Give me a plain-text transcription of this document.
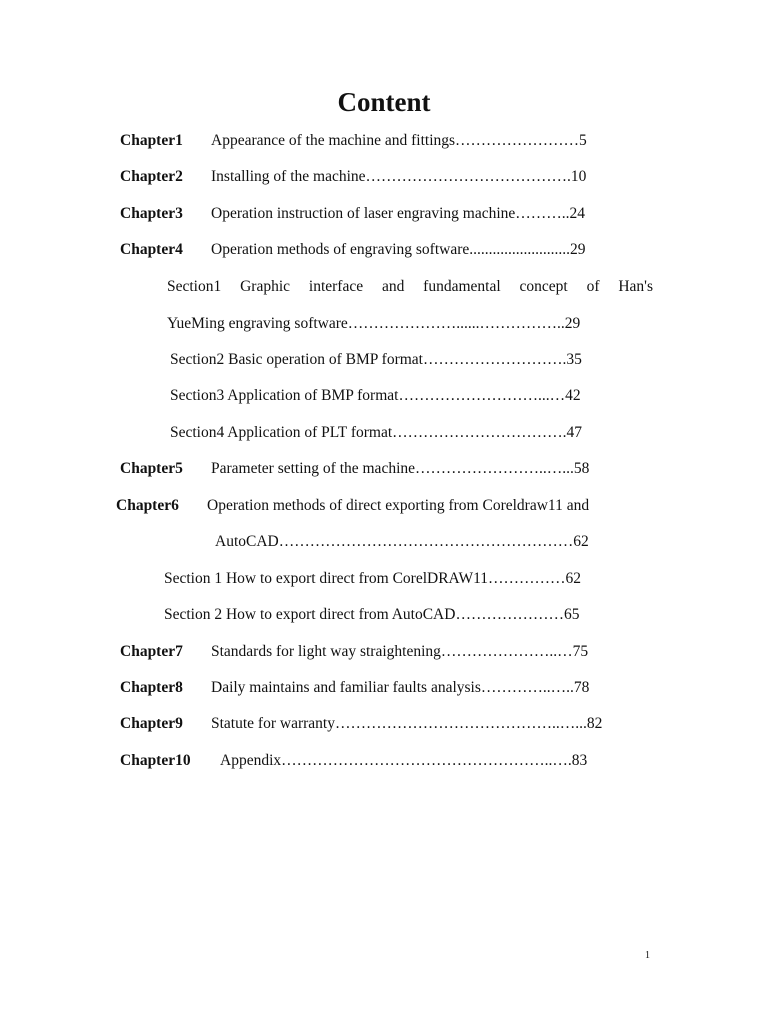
Content
Chapter1 Appearance of the machine and fittings……………………5
Chapter2 Installing of the machine………………………………….10
Chapter3 Operation instruction of laser engraving machine………..24
Chapter4 Operation methods of engraving software..........................29
Section1 Graphic interface and fundamental concept of Han's
YueMing engraving software…………………......……………..29
Section2 Basic operation of BMP format……………………….35
Section3 Application of BMP format………………………...…42
Section4 Application of PLT format…………………………….47
Chapter5 Parameter setting of the machine……………………..…...58
Chapter6 Operation methods of direct exporting from Coreldraw11 and
AutoCAD…………………………………………………62
Section 1 How to export direct from CorelDRAW11……………62
Section 2 How to export direct from AutoCAD…………………65
Chapter7 Standards for light way straightening…………………..…75
Chapter8 Daily maintains and familiar faults analysis…………..…..78
Chapter9 Statute for warranty……………………………………..…...82
Chapter10 Appendix……………………………………………..….83
1
